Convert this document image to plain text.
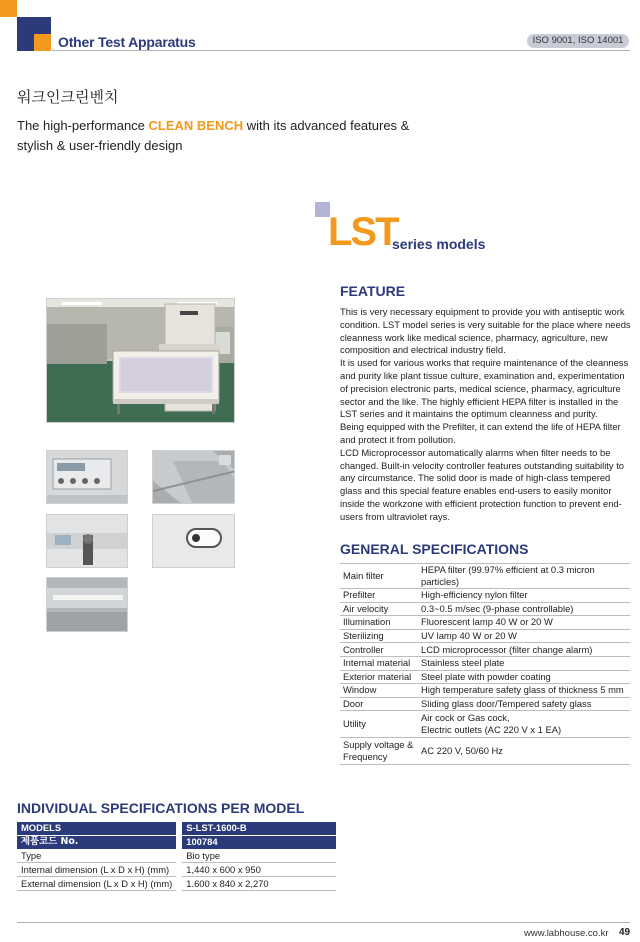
Other Test Apparatus	ISO 9001, ISO 14001
워크인크린벤치
The high-performance CLEAN BENCH with its advanced features & stylish & user-friendly design
LST
series models
FEATURE

This is very necessary equipment to provide you with antiseptic work condition. LST model series is very suitable for the place where needs cleanness work like medical science, pharmacy, agriculture, new composition and electrical industry field.

It is used for various works that require maintenance of the cleanness and purity like plant tissue culture, examination and, experimentation of precision electronic parts, medical science, pharmacy, agriculture sector and the like. The highly efficient HEPA filter is installed in the LST series and it maintains the optimum cleanness and purity.

Being equipped with the Prefilter, it can extend the life of HEPA filter and protect it from pollution.

LCD Microprocessor automatically alarms when filter needs to be changed. Built-in velocity controller features outstanding suitability to any circumstance. The solid door is made of high-class tempered glass and this special feature enables end-users to easily monitor inside the workzone with efficient protection function to prevent end-users from ultraviolet rays.

GENERAL SPECIFICATIONS
Main filter	HEPA filter (99.97% efficient at 0.3 micron particles)
Prefilter	High-efficiency nylon filter
Air velocity	0.3~0.5 m/sec (9-phase controllable)
Illumination	Fluorescent lamp 40 W or 20 W
Sterilizing	UV lamp 40 W or 20 W
Controller	LCD microprocessor (filter change alarm)
Internal material	Stainless steel plate
Exterior material	Steel plate with powder coating
Window	High temperature safety glass of thickness 5 mm
Door	Sliding glass door/Tempered safety glass
Utility	Air cock or Gas cock,
Electric outlets (AC 220 V x 1 EA)

Supply voltage &
Frequency	AC 220 V, 50/60 Hz
INDIVIDUAL SPECIFICATIONS PER MODEL
MODELS		S-LST-1600-B
제품코드 No.		100784
Type		Bio type
Internal dimension (L x D x H) (mm)		1,440 x 600 x 950
External dimension (L x D x H) (mm)		1.600 x 840 x 2,270
www.labhouse.co.kr 49
